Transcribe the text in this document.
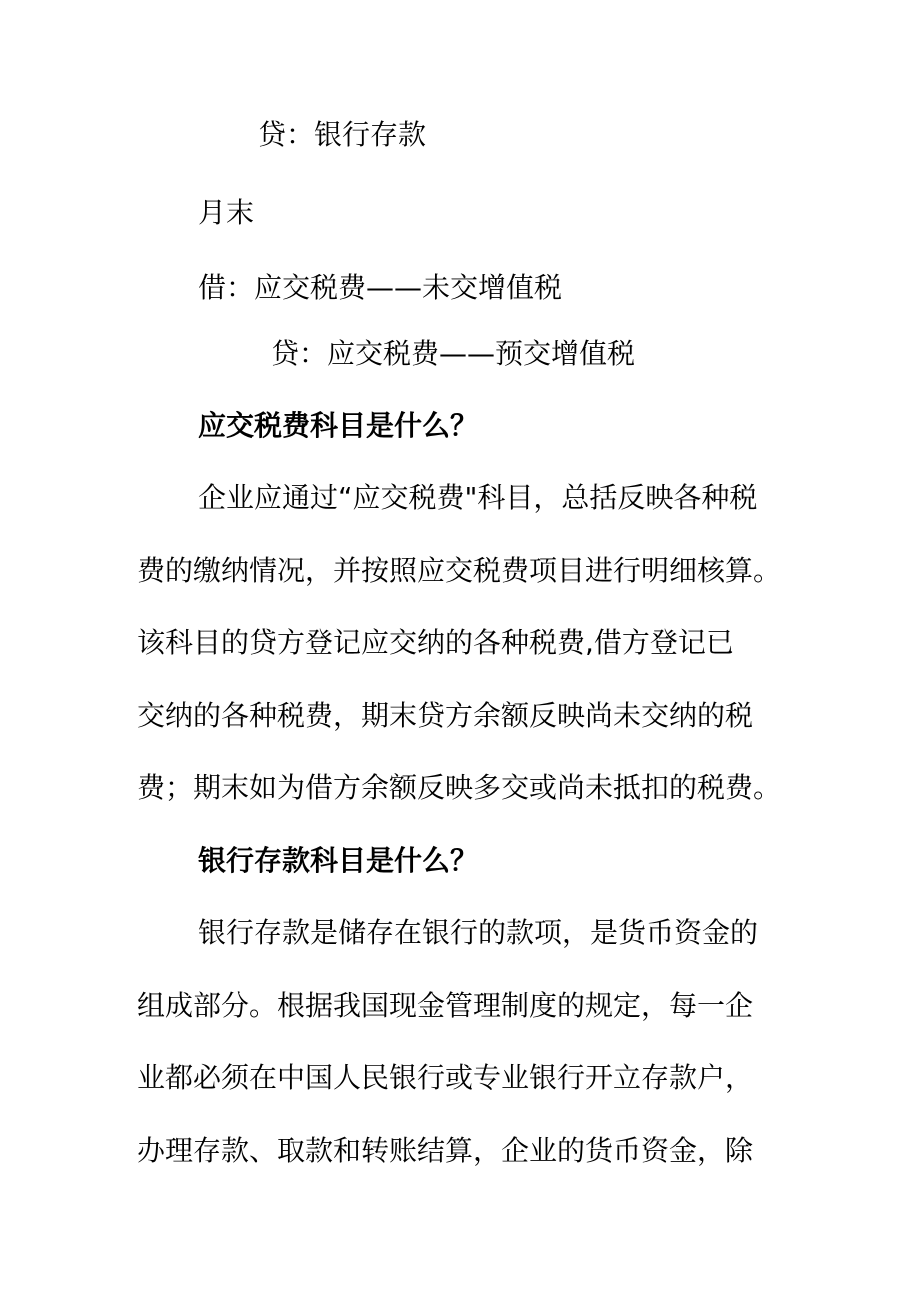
贷：银行存款

月末

借：应交税费——未交增值税

贷：应交税费——预交增值税

应交税费科目是什么？

企业应通过“应交税费"科目，总括反映各种税

费的缴纳情况，并按照应交税费项目进行明细核算。

该科目的贷方登记应交纳的各种税费,借方登记已

交纳的各种税费，期末贷方余额反映尚未交纳的税

费；期末如为借方余额反映多交或尚未抵扣的税费。

银行存款科目是什么？

银行存款是储存在银行的款项，是货币资金的

组成部分。根据我国现金管理制度的规定，每一企

业都必须在中国人民银行或专业银行开立存款户，

办理存款、取款和转账结算，企业的货币资金，除
